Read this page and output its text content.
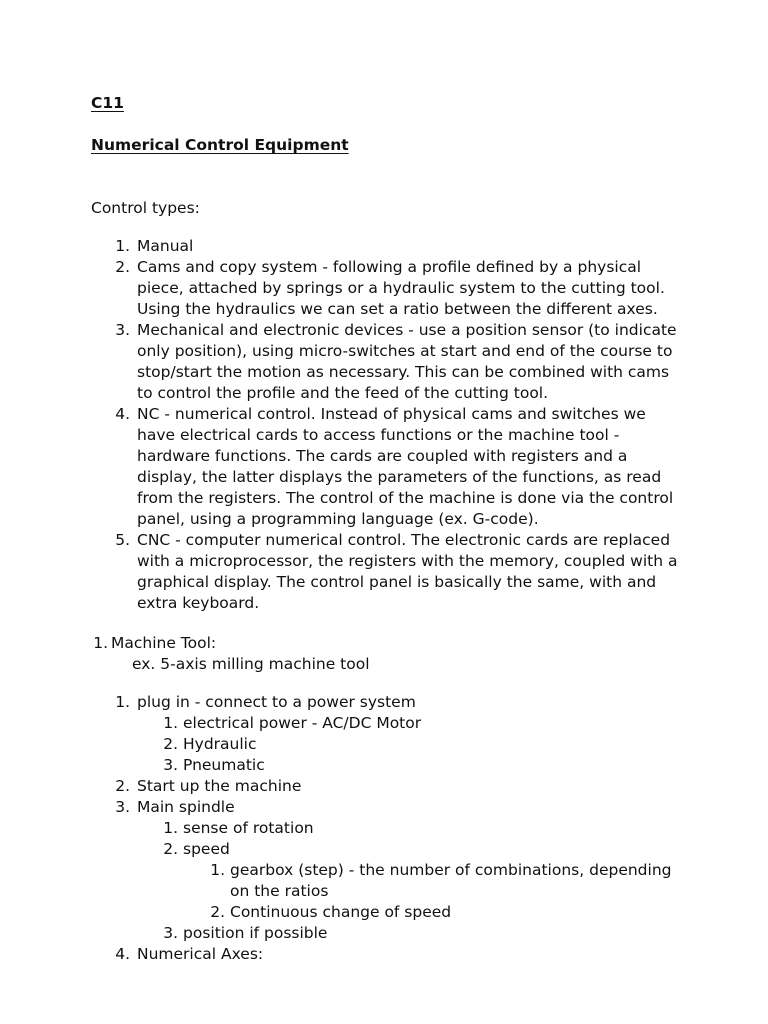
C11
Numerical Control Equipment
Control types:
1. Manual
2. Cams and copy system - following a profile defined by a physical
piece, attached by springs or a hydraulic system to the cutting tool.
Using the hydraulics we can set a ratio between the different axes.
3. Mechanical and electronic devices - use a position sensor (to indicate
only position), using micro-switches at start and end of the course to
stop/start the motion as necessary. This can be combined with cams
to control the profile and the feed of the cutting tool.
4. NC - numerical control. Instead of physical cams and switches we
have electrical cards to access functions or the machine tool -
hardware functions. The cards are coupled with registers and a
display, the latter displays the parameters of the functions, as read
from the registers. The control of the machine is done via the control
panel, using a programming language (ex. G-code).
5. CNC - computer numerical control. The electronic cards are replaced
with a microprocessor, the registers with the memory, coupled with a
graphical display. The control panel is basically the same, with and
extra keyboard.
1. Machine Tool:
ex. 5-axis milling machine tool
1. plug in - connect to a power system
1. electrical power - AC/DC Motor
2. Hydraulic
3. Pneumatic
2. Start up the machine
3. Main spindle
1. sense of rotation
2. speed
1. gearbox (step) - the number of combinations, depending
on the ratios
2. Continuous change of speed
3. position if possible
4. Numerical Axes:
